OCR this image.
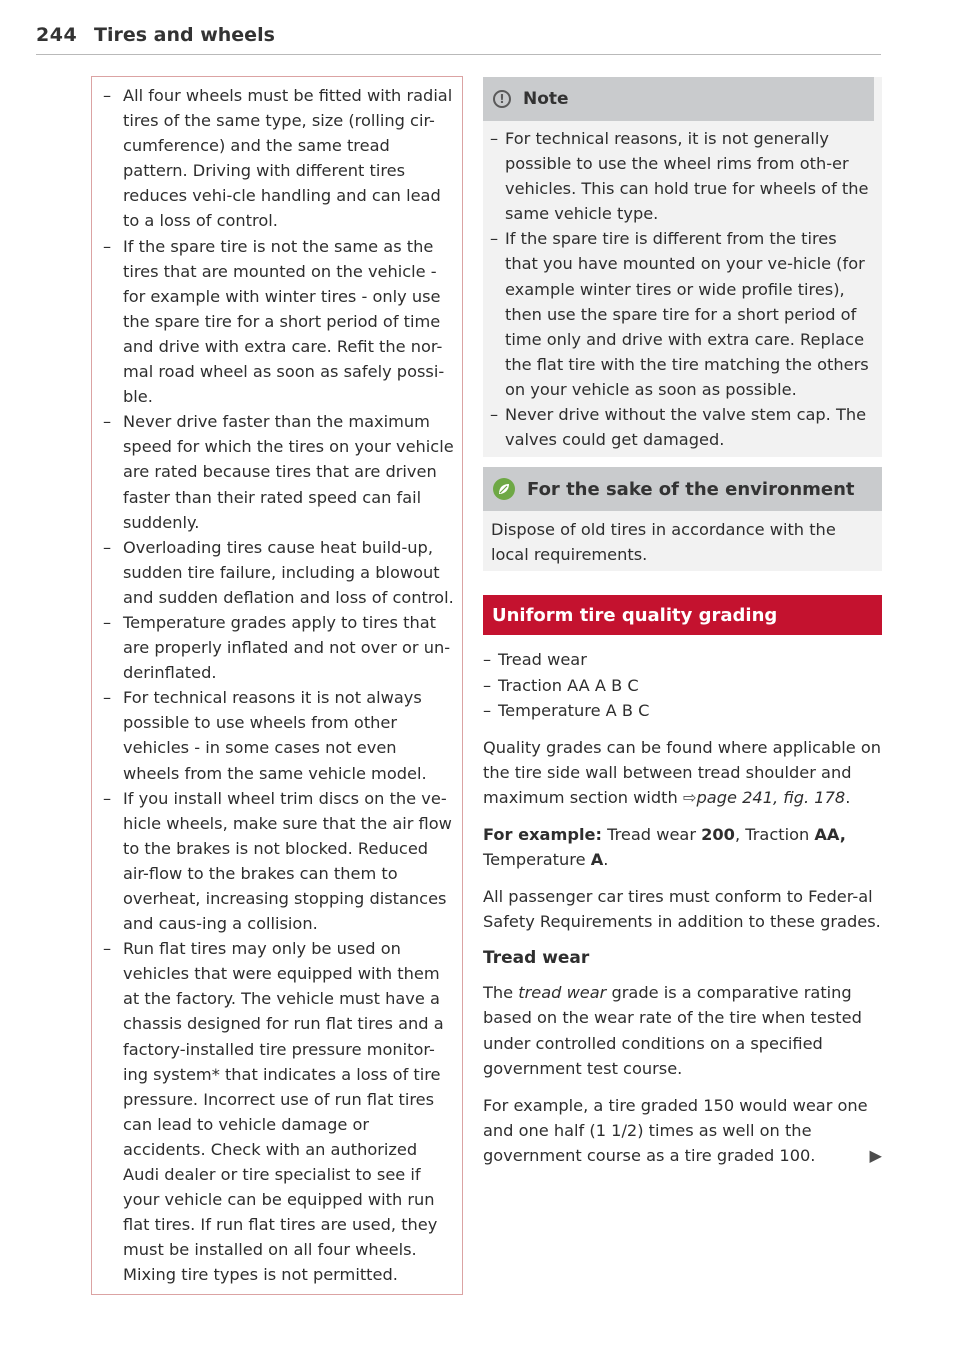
244 Tires and wheels
– All four wheels must be fitted with radial tires of the same type, size (rolling cir-cumference) and the same tread pattern. Driving with different tires reduces vehi-cle handling and can lead to a loss of control.
– If the spare tire is not the same as the tires that are mounted on the vehicle - for example with winter tires - only use the spare tire for a short period of time and drive with extra care. Refit the nor-mal road wheel as soon as safely possi-ble.
– Never drive faster than the maximum speed for which the tires on your vehicle are rated because tires that are driven faster than their rated speed can fail suddenly.
– Overloading tires cause heat build-up, sudden tire failure, including a blowout and sudden deflation and loss of control.
– Temperature grades apply to tires that are properly inflated and not over or un-derinflated.
– For technical reasons it is not always possible to use wheels from other vehicles - in some cases not even wheels from the same vehicle model.
– If you install wheel trim discs on the ve-hicle wheels, make sure that the air flow to the brakes is not blocked. Reduced air-flow to the brakes can them to overheat, increasing stopping distances and caus-ing a collision.
– Run flat tires may only be used on vehicles that were equipped with them at the factory. The vehicle must have a chassis designed for run flat tires and a factory-installed tire pressure monitor-ing system* that indicates a loss of tire pressure. Incorrect use of run flat tires can lead to vehicle damage or accidents. Check with an authorized Audi dealer or tire specialist to see if your vehicle can be equipped with run flat tires. If run flat tires are used, they must be installed on all four wheels. Mixing tire types is not permitted.
!	Note
– For technical reasons, it is not generally possible to use the wheel rims from oth-er vehicles. This can hold true for wheels of the same vehicle type.
– If the spare tire is different from the tires that you have mounted on your ve-hicle (for example winter tires or wide profile tires), then use the spare tire for a short period of time only and drive with extra care. Replace the flat tire with the tire matching the others on your vehicle as soon as possible.
– Never drive without the valve stem cap. The valves could get damaged.
For the sake of the environment
Dispose of old tires in accordance with the local requirements.
Uniform tire quality grading
– Tread wear
– Traction AA A B C
– Temperature A B C

Quality grades can be found where applicable on the tire side wall between tread shoulder and maximum section width ⇨page 241, fig. 178.

For example: Tread wear 200, Traction AA, Temperature A.

All passenger car tires must conform to Feder-al Safety Requirements in addition to these grades.

Tread wear

The tread wear grade is a comparative rating based on the wear rate of the tire when tested under controlled conditions on a specified government test course.

For example, a tire graded 150 would wear one and one half (1 1/2) times as well on the government course as a tire graded 100.	▶
